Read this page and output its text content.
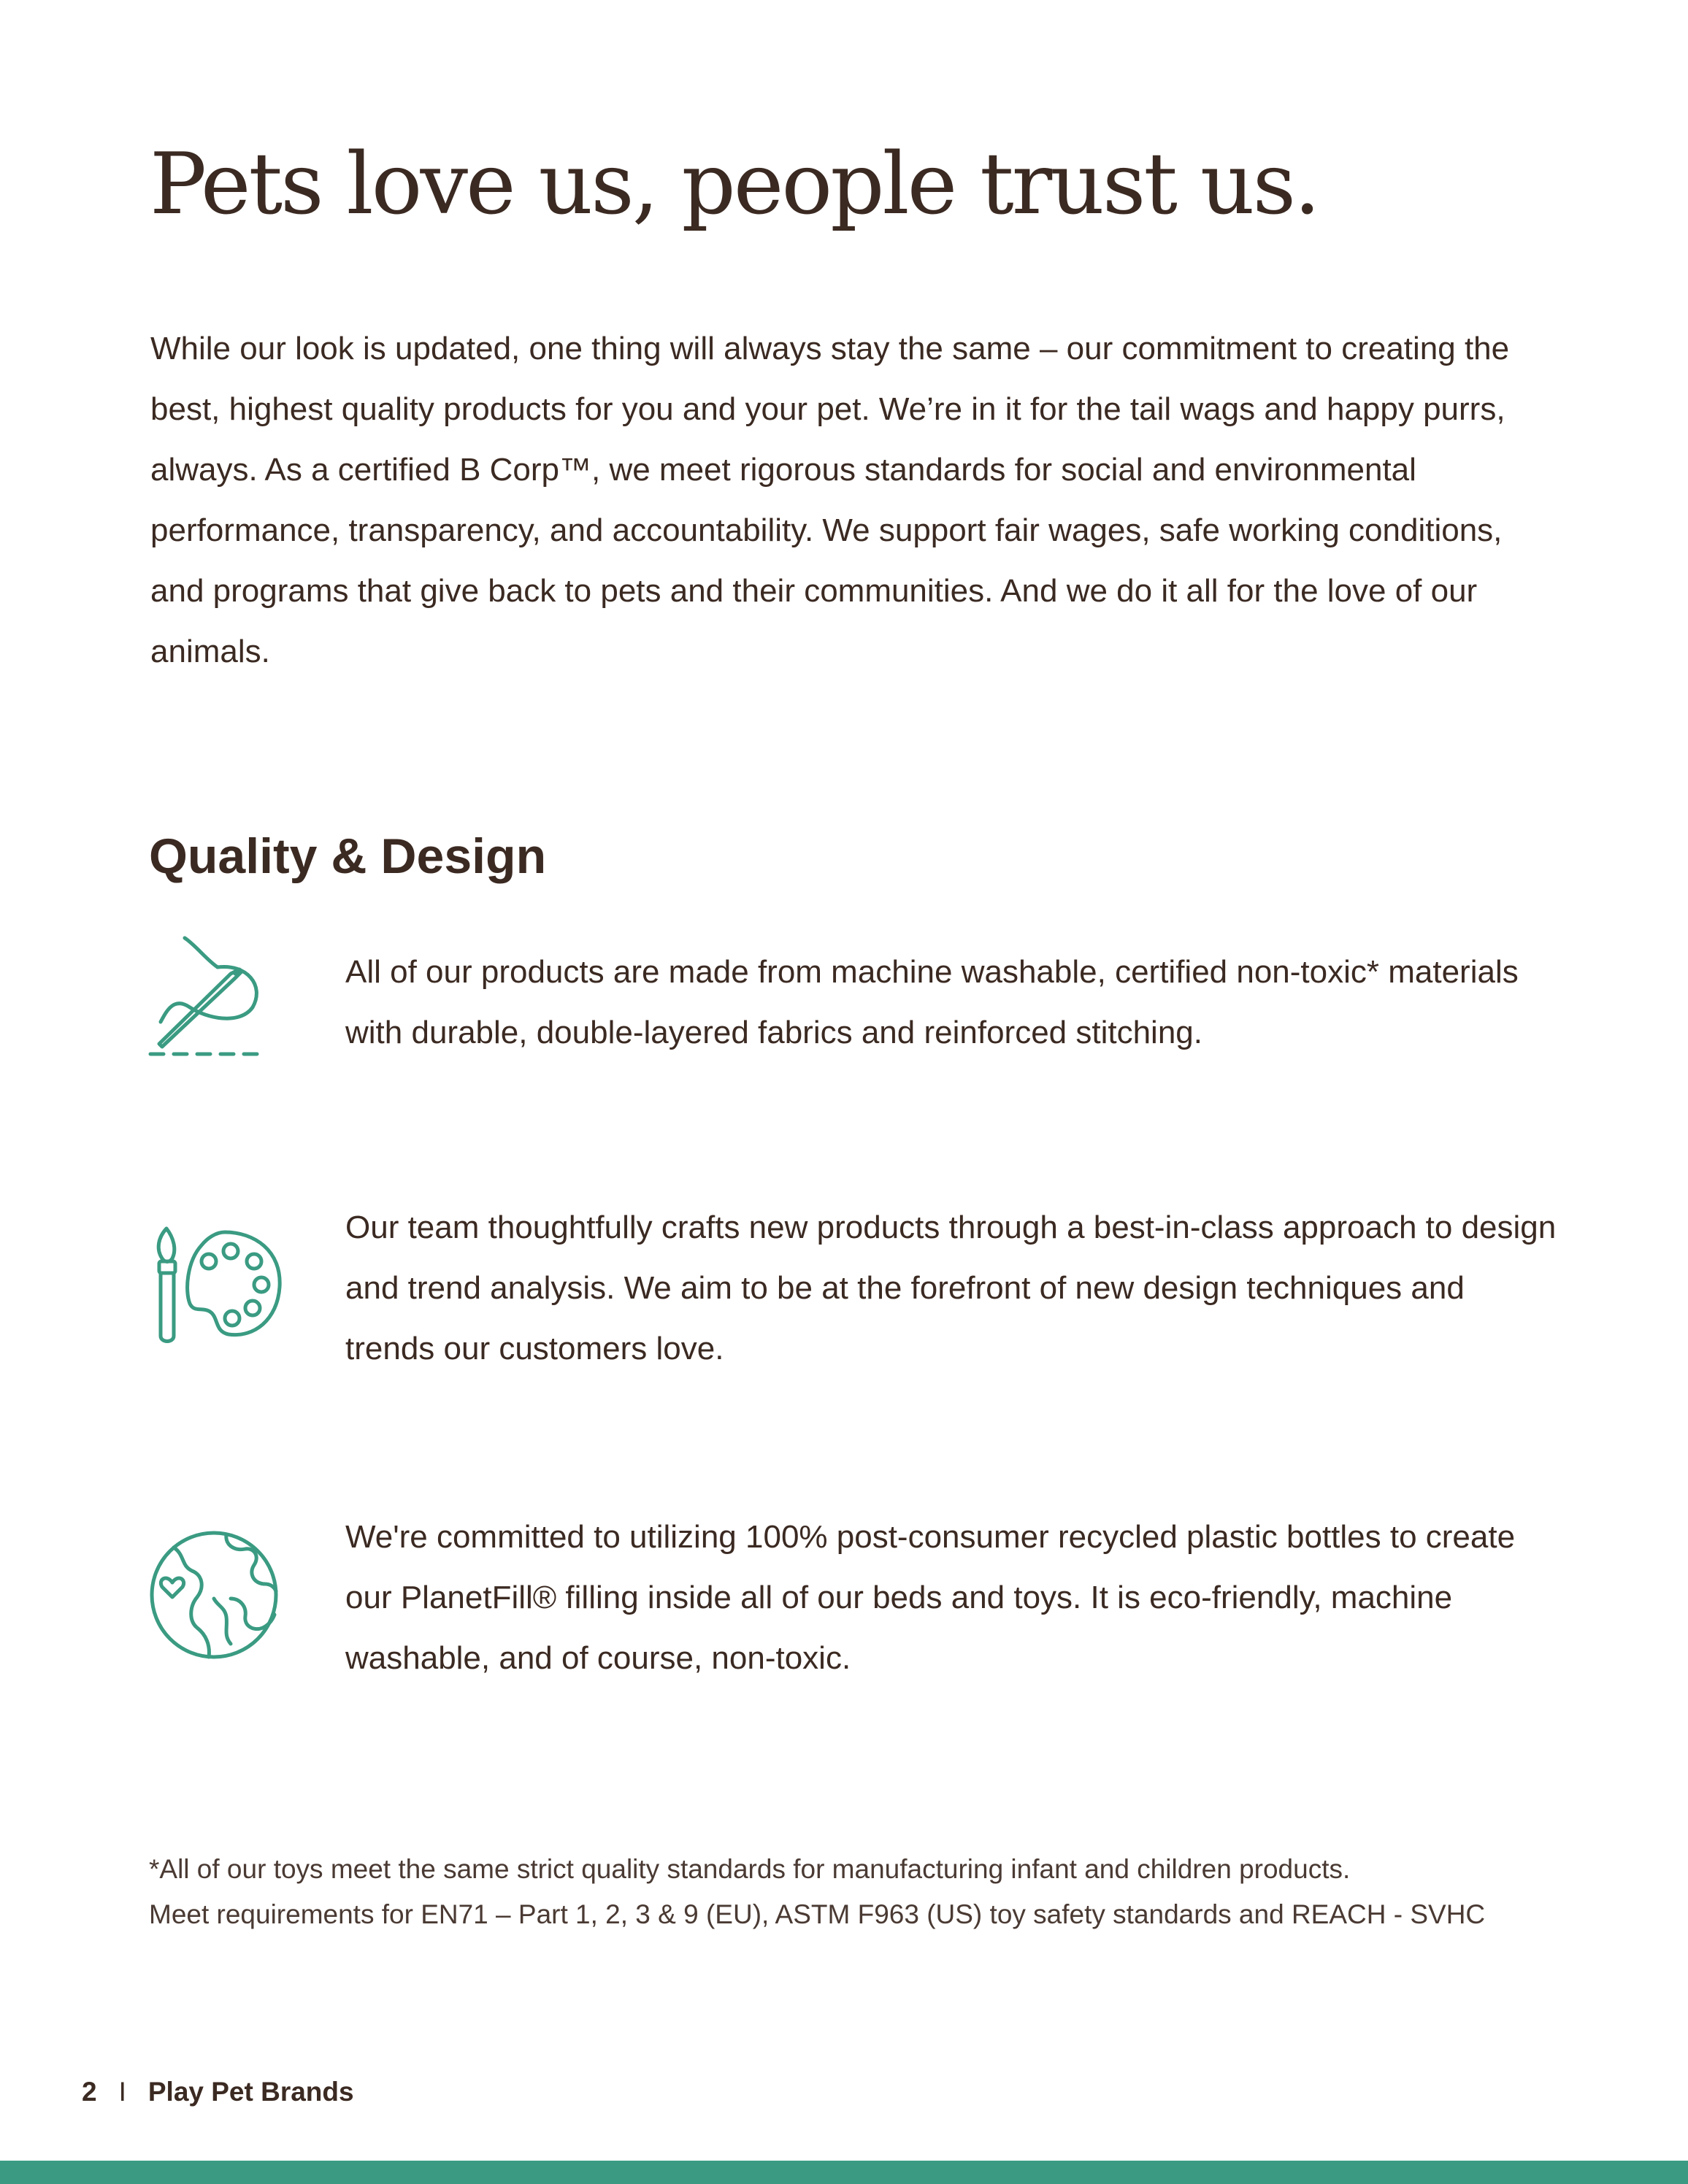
Pets love us, people trust us.

While our look is updated, one thing will always stay the same – our commitment to creating the best, highest quality products for you and your pet. We’re in it for the tail wags and happy purrs, always. As a certified B Corp™, we meet rigorous standards for social and environmental performance, transparency, and accountability. We support fair wages, safe working conditions, and programs that give back to pets and their communities. And we do it all for the love of our animals.

Quality & Design

All of our products are made from machine washable, certified non-toxic* materials with durable, double-layered fabrics and reinforced stitching.

Our team thoughtfully crafts new products through a best-in-class approach to design and trend analysis. We aim to be at the forefront of new design techniques and trends our customers love.

We're committed to utilizing 100% post-consumer recycled plastic bottles to create our PlanetFill® filling inside all of our beds and toys. It is eco-friendly, machine washable, and of course, non-toxic.

*All of our toys meet the same strict quality standards for manufacturing infant and children products.
Meet requirements for EN71 – Part 1, 2, 3 & 9 (EU), ASTM F963 (US) toy safety standards and REACH - SVHC

2 I Play Pet Brands
